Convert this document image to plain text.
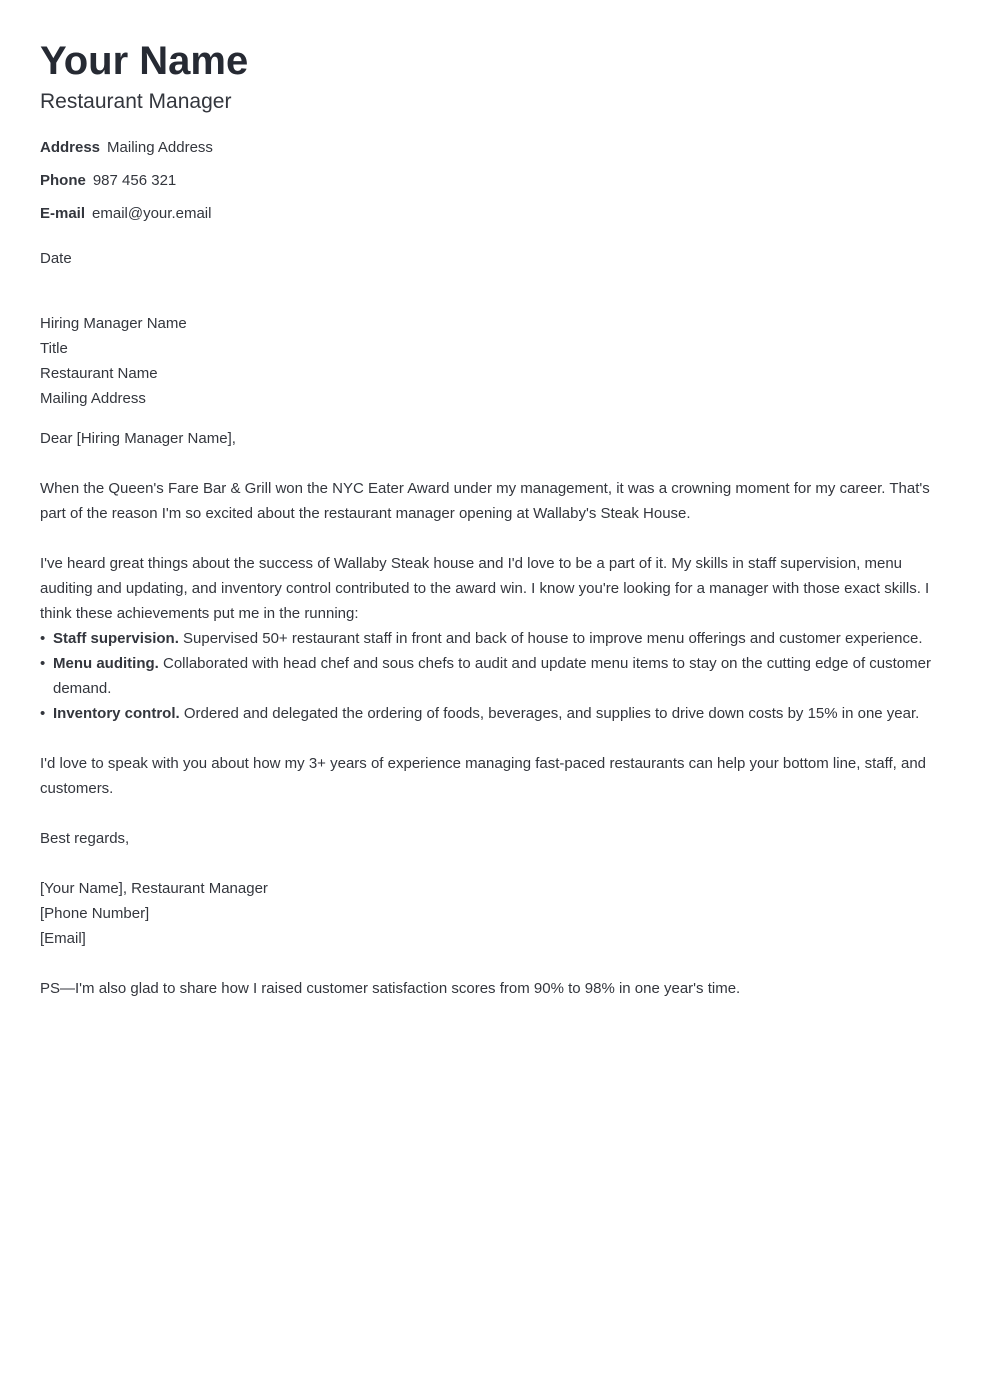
Your Name
Restaurant Manager
Address Mailing Address
Phone 987 456 321
E-mail email@your.email
Date
Hiring Manager Name
Title
Restaurant Name
Mailing Address
Dear [Hiring Manager Name],
When the Queen's Fare Bar & Grill won the NYC Eater Award under my management, it was a crowning moment for my career. That's part of the reason I'm so excited about the restaurant manager opening at Wallaby's Steak House.
I've heard great things about the success of Wallaby Steak house and I'd love to be a part of it. My skills in staff supervision, menu auditing and updating, and inventory control contributed to the award win. I know you're looking for a manager with those exact skills. I think these achievements put me in the running:
• Staff supervision. Supervised 50+ restaurant staff in front and back of house to improve menu offerings and customer experience.
• Menu auditing. Collaborated with head chef and sous chefs to audit and update menu items to stay on the cutting edge of customer demand.
• Inventory control. Ordered and delegated the ordering of foods, beverages, and supplies to drive down costs by 15% in one year.
I'd love to speak with you about how my 3+ years of experience managing fast-paced restaurants can help your bottom line, staff, and customers.
Best regards,
[Your Name], Restaurant Manager
[Phone Number]
[Email]
PS—I'm also glad to share how I raised customer satisfaction scores from 90% to 98% in one year's time.
